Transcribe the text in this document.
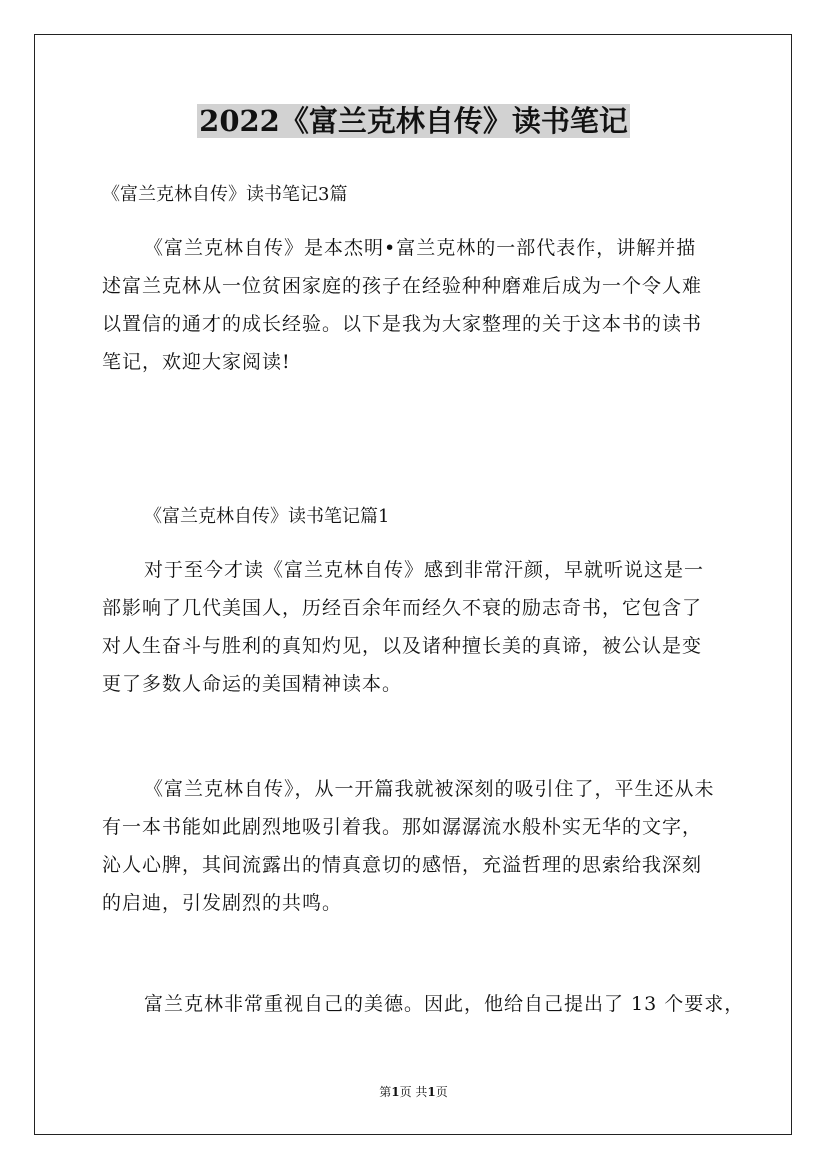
2022《富兰克林自传》读书笔记
《富兰克林自传》读书笔记3篇
《富兰克林自传》是本杰明•富兰克林的一部代表作，讲解并描
述富兰克林从一位贫困家庭的孩子在经验种种磨难后成为一个令人难
以置信的通才的成长经验。以下是我为大家整理的关于这本书的读书
笔记，欢迎大家阅读!
《富兰克林自传》读书笔记篇1
对于至今才读《富兰克林自传》感到非常汗颜，早就听说这是一
部影响了几代美国人，历经百余年而经久不衰的励志奇书，它包含了
对人生奋斗与胜利的真知灼见，以及诸种擅长美的真谛，被公认是变
更了多数人命运的美国精神读本。
《富兰克林自传》，从一开篇我就被深刻的吸引住了，平生还从未
有一本书能如此剧烈地吸引着我。那如潺潺流水般朴实无华的文字，
沁人心脾，其间流露出的情真意切的感悟，充溢哲理的思索给我深刻
的启迪，引发剧烈的共鸣。
富兰克林非常重视自己的美德。因此，他给自己提出了 13 个要求，
第1页 共1页
